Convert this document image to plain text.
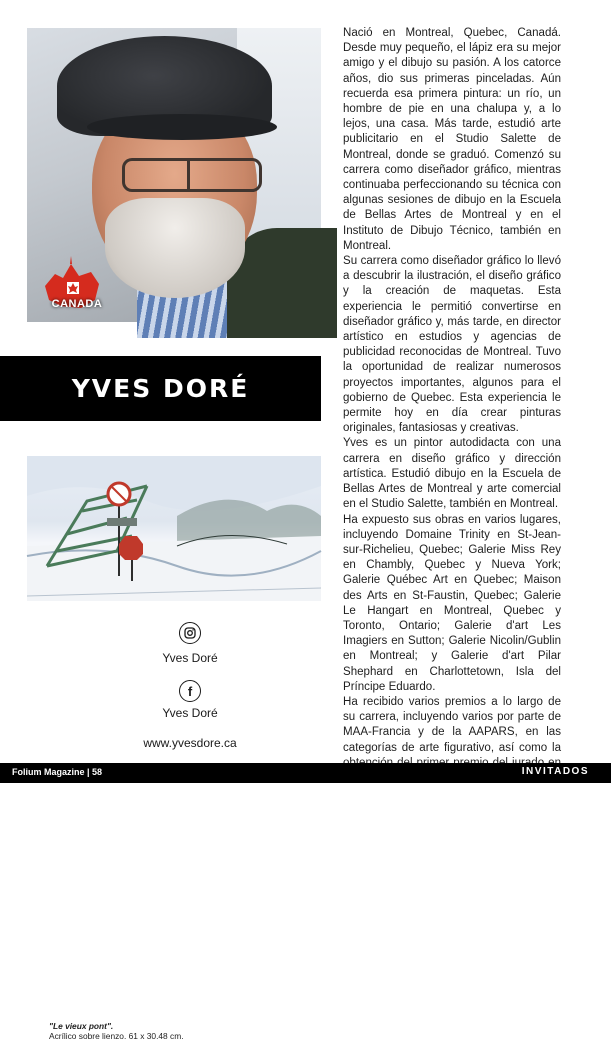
CANADA
YVES DORÉ
"Le vieux pont".
Acrílico sobre lienzo. 61 x 30.48 cm.
Yves Doré
f
Yves Doré
www.yvesdore.ca

Nació en Montreal, Quebec, Canadá. Desde muy pequeño, el lápiz era su mejor amigo y el dibujo su pasión. A los catorce años, dio sus primeras pinceladas. Aún recuerda esa primera pintura: un río, un hombre de pie en una chalupa y, a lo lejos, una casa. Más tarde, estudió arte publicitario en el Studio Salette de Montreal, donde se graduó. Comenzó su carrera como diseñador gráfico, mientras continuaba perfeccionando su técnica con algunas sesiones de dibujo en la Escuela de Bellas Artes de Montreal y en el Instituto de Dibujo Técnico, también en Montreal.

Su carrera como diseñador gráfico lo llevó a descubrir la ilustración, el diseño gráfico y la creación de maquetas. Esta experiencia le permitió convertirse en diseñador gráfico y, más tarde, en director artístico en estudios y agencias de publicidad reconocidas de Montreal. Tuvo la oportunidad de realizar numerosos proyectos importantes, algunos para el gobierno de Quebec. Esta experiencia le permite hoy en día crear pinturas originales, fantasiosas y creativas.

Yves es un pintor autodidacta con una carrera en diseño gráfico y dirección artística. Estudió dibujo en la Escuela de Bellas Artes de Montreal y arte comercial en el Studio Salette, también en Montreal.

Ha expuesto sus obras en varios lugares, incluyendo Domaine Trinity en St-Jean-sur-Richelieu, Quebec; Galerie Miss Rey en Chambly, Quebec y Nueva York; Galerie Québec Art en Quebec; Maison des Arts en St-Faustin, Quebec; Galerie Le Hangart en Montreal, Quebec y Toronto, Ontario; Galerie d'art Les Imagiers en Sutton; Galerie Nicolin/Gublin en Montreal; y Galerie d'art Pilar Shephard en Charlottetown, Isla del Príncipe Eduardo.

Ha recibido varios premios a lo largo de su carrera, incluyendo varios por parte de MAA-Francia y de la AAPARS, en las categorías de arte figurativo, así como la

Folium Magazine | 58	INVITADOS
